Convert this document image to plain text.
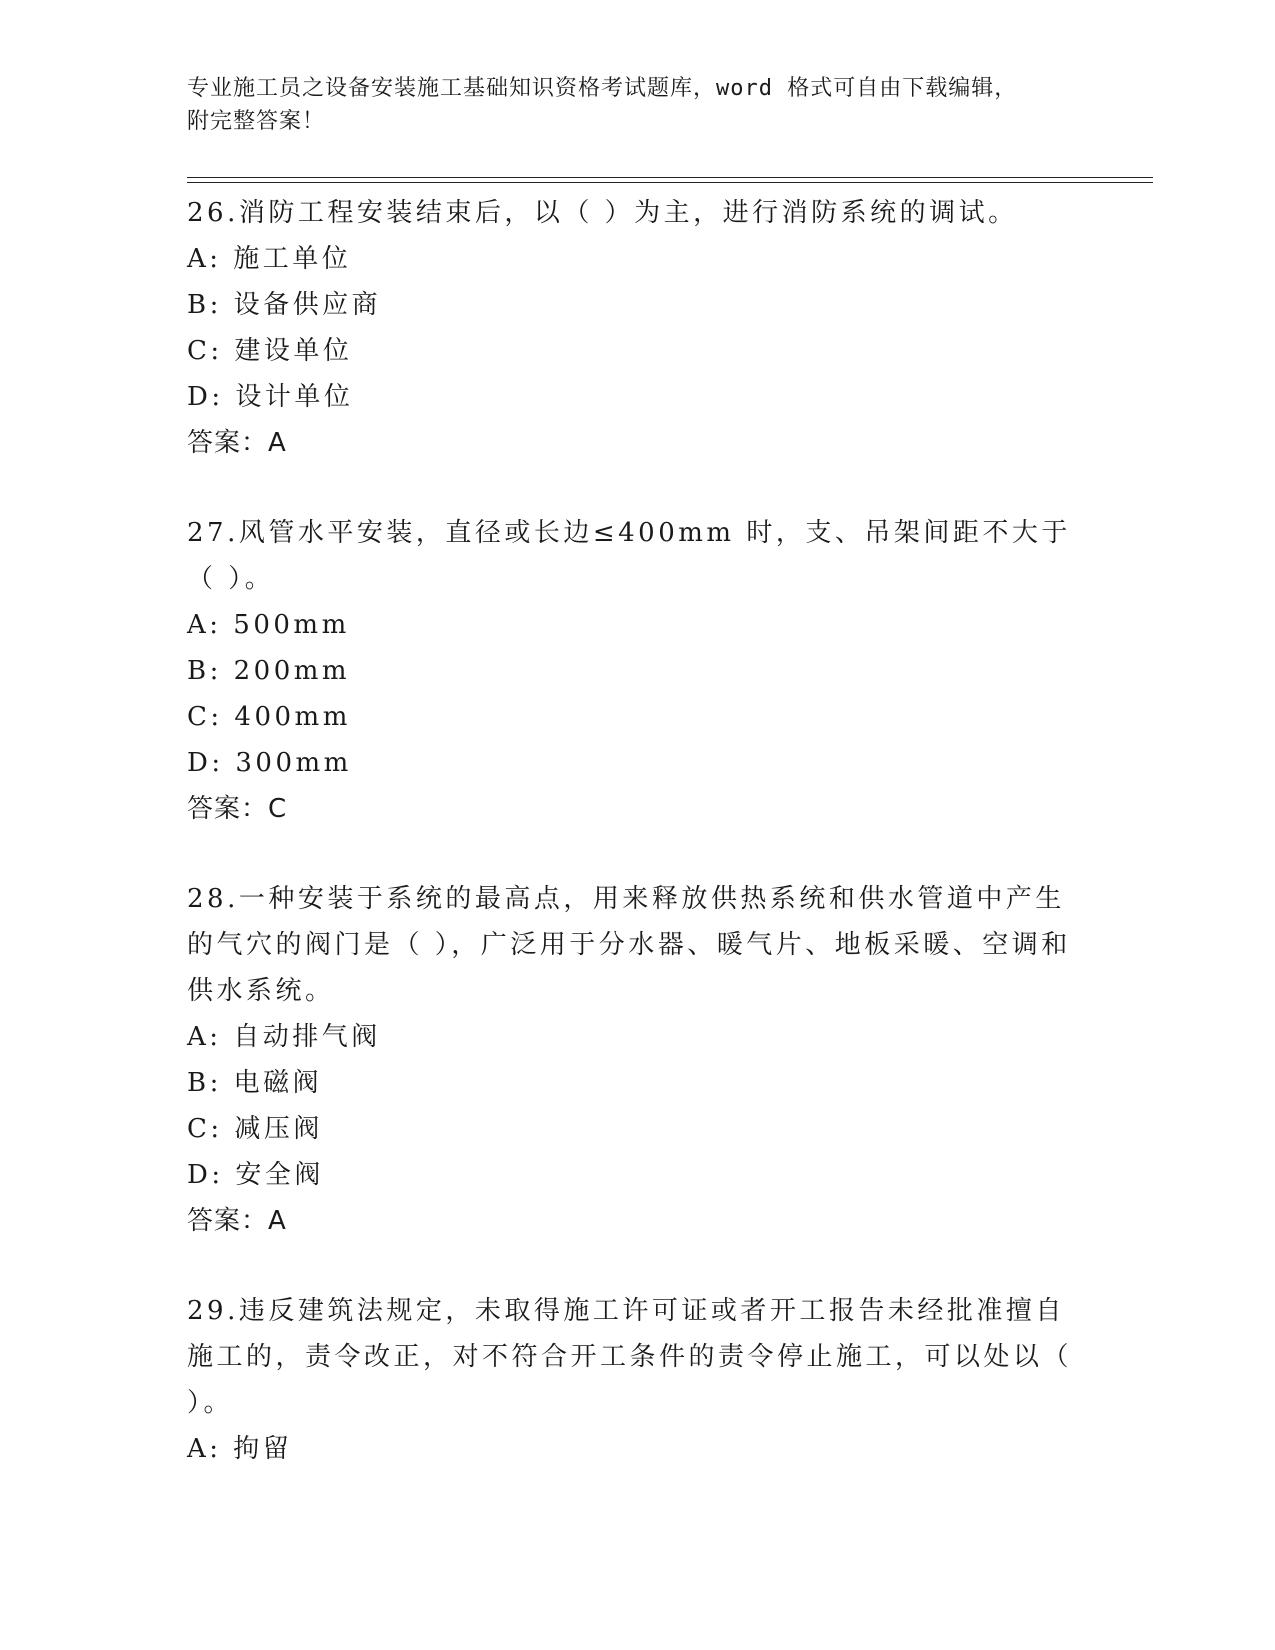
专业施工员之设备安装施工基础知识资格考试题库，word 格式可自由下载编辑，
附完整答案！
26.消防工程安装结束后，以（ ）为主，进行消防系统的调试。
A: 施工单位
B: 设备供应商
C: 建设单位
D: 设计单位
答案：A
27.风管水平安装，直径或长边≤400mm 时，支、吊架间距不大于（ ）。
A: 500mm
B: 200mm
C: 400mm
D: 300mm
答案：C
28.一种安装于系统的最高点，用来释放供热系统和供水管道中产生的气穴的阀门是（ ），广泛用于分水器、暖气片、地板采暖、空调和供水系统。
A: 自动排气阀
B: 电磁阀
C: 减压阀
D: 安全阀
答案：A
29.违反建筑法规定，未取得施工许可证或者开工报告未经批准擅自施工的，责令改正，对不符合开工条件的责令停止施工，可以处以（ ）。
A: 拘留
